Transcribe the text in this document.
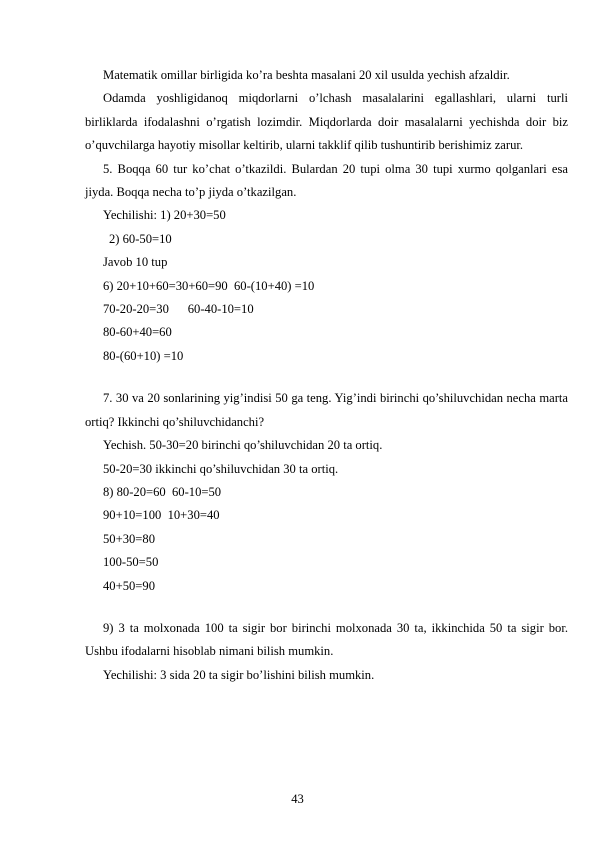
Matematik omillar birligida ko’ra beshta masalani 20 xil usulda yechish afzaldir.

Odamda yoshligidanoq miqdorlarni o’lchash masalalarini egallashlari, ularni turli birliklarda ifodalashni o’rgatish lozimdir. Miqdorlarda doir masalalarni yechishda doir biz o’quvchilarga hayotiy misollar keltirib, ularni takklif qilib tushuntirib berishimiz zarur.

5. Boqqa 60 tur ko’chat o’tkazildi. Bulardan 20 tupi olma 30 tupi xurmo qolganlari esa jiyda. Boqqa necha to’p jiyda o’tkazilgan.

Yechilishi: 1) 20+30=50

2) 60-50=10

Javob 10 tup

6) 20+10+60=30+60=90  60-(10+40) =10

70-20-20=30      60-40-10=10

80-60+40=60

80-(60+10) =10

7. 30 va 20 sonlarining yig’indisi 50 ga teng. Yig’indi birinchi qo’shiluvchidan necha marta ortiq? Ikkinchi qo’shiluvchidanchi?

Yechish. 50-30=20 birinchi qo’shiluvchidan 20 ta ortiq.

50-20=30 ikkinchi qo’shiluvchidan 30 ta ortiq.

8) 80-20=60  60-10=50

90+10=100  10+30=40

50+30=80

100-50=50

40+50=90

9) 3 ta molxonada 100 ta sigir bor birinchi molxonada 30 ta, ikkinchida 50 ta sigir bor. Ushbu ifodalarni hisoblab nimani bilish mumkin.

Yechilishi: 3 sida 20 ta sigir bo’lishini bilish mumkin.

43
